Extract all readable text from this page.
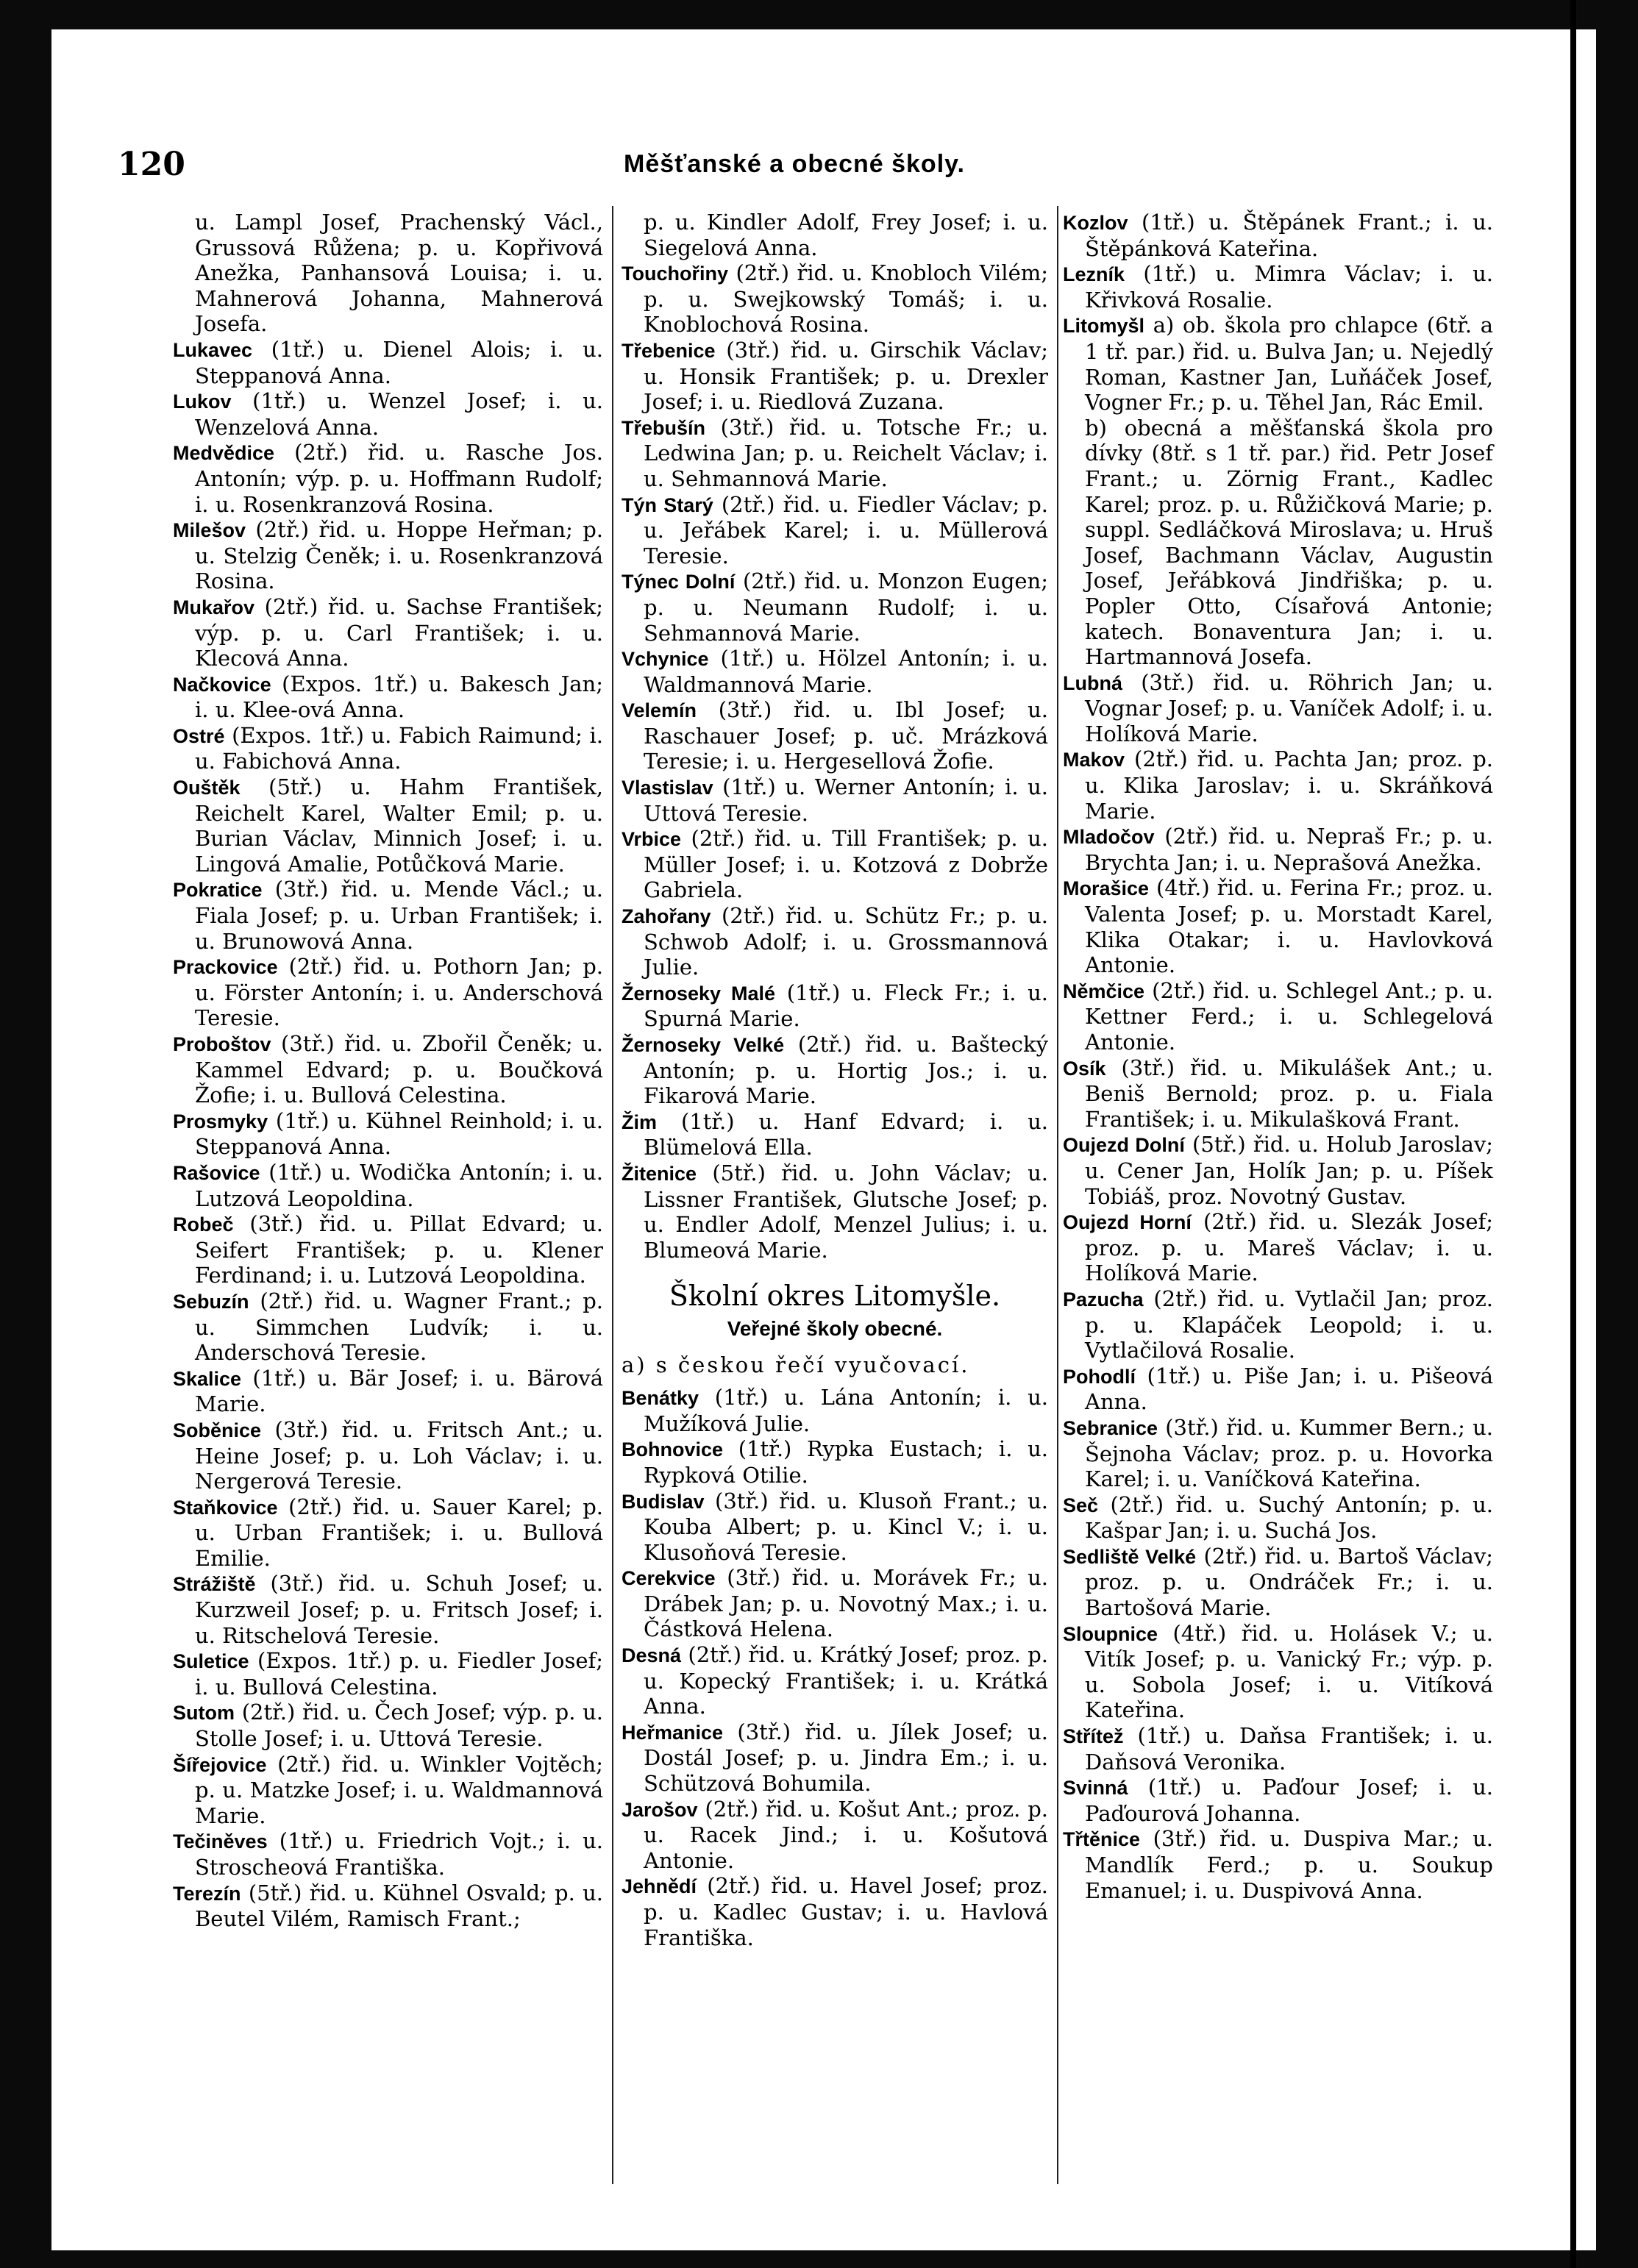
120	Měšťanské a obecné školy.

u. Lampl Josef, Prachenský Václ., Grussová Růžena; p. u. Kopřivová Anežka, Panhansová Louisa; i. u. Mahnerová Johanna, Mahnerová Josefa.

Lukavec (1tř.) u. Dienel Alois; i. u. Steppanová Anna.

Lukov (1tř.) u. Wenzel Josef; i. u. Wenzelová Anna.

Medvědice (2tř.) řid. u. Rasche Jos. Antonín; výp. p. u. Hoffmann Rudolf; i. u. Rosenkranzová Rosina.

Milešov (2tř.) řid. u. Hoppe Heřman; p. u. Stelzig Čeněk; i. u. Rosenkranzová Rosina.

Mukařov (2tř.) řid. u. Sachse František; výp. p. u. Carl František; i. u. Klecová Anna.

Načkovice (Expos. 1tř.) u. Bakesch Jan; i. u. Klee-ová Anna.

Ostré (Expos. 1tř.) u. Fabich Raimund; i. u. Fabichová Anna.

Ouštěk (5tř.) u. Hahm František, Reichelt Karel, Walter Emil; p. u. Burian Václav, Minnich Josef; i. u. Lingová Amalie, Potůčková Marie.

Pokratice (3tř.) řid. u. Mende Václ.; u. Fiala Josef; p. u. Urban František; i. u. Brunowová Anna.

Prackovice (2tř.) řid. u. Pothorn Jan; p. u. Förster Antonín; i. u. Anderschová Teresie.

Proboštov (3tř.) řid. u. Zbořil Čeněk; u. Kammel Edvard; p. u. Boučková Žofie; i. u. Bullová Celestina.

Prosmyky (1tř.) u. Kühnel Reinhold; i. u. Steppanová Anna.

Rašovice (1tř.) u. Wodička Antonín; i. u. Lutzová Leopoldina.

Robeč (3tř.) řid. u. Pillat Edvard; u. Seifert František; p. u. Klener Ferdinand; i. u. Lutzová Leopoldina.

Sebuzín (2tř.) řid. u. Wagner Frant.; p. u. Simmchen Ludvík; i. u. Anderschová Teresie.

Skalice (1tř.) u. Bär Josef; i. u. Bärová Marie.

Soběnice (3tř.) řid. u. Fritsch Ant.; u. Heine Josef; p. u. Loh Václav; i. u. Nergerová Teresie.

Staňkovice (2tř.) řid. u. Sauer Karel; p. u. Urban František; i. u. Bullová Emilie.

Strážiště (3tř.) řid. u. Schuh Josef; u. Kurzweil Josef; p. u. Fritsch Josef; i. u. Ritschelová Teresie.

Suletice (Expos. 1tř.) p. u. Fiedler Josef; i. u. Bullová Celestina.

Sutom (2tř.) řid. u. Čech Josef; výp. p. u. Stolle Josef; i. u. Uttová Teresie.

Šířejovice (2tř.) řid. u. Winkler Vojtěch; p. u. Matzke Josef; i. u. Waldmannová Marie.

Tečiněves (1tř.) u. Friedrich Vojt.; i. u. Stroscheová Františka.

Terezín (5tř.) řid. u. Kühnel Osvald; p. u. Beutel Vilém, Ramisch Frant.;

p. u. Kindler Adolf, Frey Josef; i. u. Siegelová Anna.

Touchořiny (2tř.) řid. u. Knobloch Vilém; p. u. Swejkowský Tomáš; i. u. Knoblochová Rosina.

Třebenice (3tř.) řid. u. Girschik Václav; u. Honsik František; p. u. Drexler Josef; i. u. Riedlová Zuzana.

Třebušín (3tř.) řid. u. Totsche Fr.; u. Ledwina Jan; p. u. Reichelt Václav; i. u. Sehmannová Marie.

Týn Starý (2tř.) řid. u. Fiedler Václav; p. u. Jeřábek Karel; i. u. Müllerová Teresie.

Týnec Dolní (2tř.) řid. u. Monzon Eugen; p. u. Neumann Rudolf; i. u. Sehmannová Marie.

Vchynice (1tř.) u. Hölzel Antonín; i. u. Waldmannová Marie.

Velemín (3tř.) řid. u. Ibl Josef; u. Raschauer Josef; p. uč. Mrázková Teresie; i. u. Hergesellová Žofie.

Vlastislav (1tř.) u. Werner Antonín; i. u. Uttová Teresie.

Vrbice (2tř.) řid. u. Till František; p. u. Müller Josef; i. u. Kotzová z Dobrže Gabriela.

Zahořany (2tř.) řid. u. Schütz Fr.; p. u. Schwob Adolf; i. u. Grossmannová Julie.

Žernoseky Malé (1tř.) u. Fleck Fr.; i. u. Spurná Marie.

Žernoseky Velké (2tř.) řid. u. Baštecký Antonín; p. u. Hortig Jos.; i. u. Fikarová Marie.

Žim (1tř.) u. Hanf Edvard; i. u. Blümelová Ella.

Žitenice (5tř.) řid. u. John Václav; u. Lissner František, Glutsche Josef; p. u. Endler Adolf, Menzel Julius; i. u. Blumeová Marie.

Školní okres Litomyšle.
Veřejné školy obecné.
a) s českou řečí vyučovací.

Benátky (1tř.) u. Lána Antonín; i. u. Mužíková Julie.

Bohnovice (1tř.) Rypka Eustach; i. u. Rypková Otilie.

Budislav (3tř.) řid. u. Klusoň Frant.; u. Kouba Albert; p. u. Kincl V.; i. u. Klusoňová Teresie.

Cerekvice (3tř.) řid. u. Morávek Fr.; u. Drábek Jan; p. u. Novotný Max.; i. u. Částková Helena.

Desná (2tř.) řid. u. Krátký Josef; proz. p. u. Kopecký František; i. u. Krátká Anna.

Heřmanice (3tř.) řid. u. Jílek Josef; u. Dostál Josef; p. u. Jindra Em.; i. u. Schützová Bohumila.

Jarošov (2tř.) řid. u. Košut Ant.; proz. p. u. Racek Jind.; i. u. Košutová Antonie.

Jehnědí (2tř.) řid. u. Havel Josef; proz. p. u. Kadlec Gustav; i. u. Havlová Františka.

Kozlov (1tř.) u. Štěpánek Frant.; i. u. Štěpánková Kateřina.

Lezník (1tř.) u. Mimra Václav; i. u. Křivková Rosalie.

Litomyšl a) ob. škola pro chlapce (6tř. a 1 tř. par.) řid. u. Bulva Jan; u. Nejedlý Roman, Kastner Jan, Luňáček Josef, Vogner Fr.; p. u. Těhel Jan, Rác Emil.

b) obecná a měšťanská škola pro dívky (8tř. s 1 tř. par.) řid. Petr Josef Frant.; u. Zörnig Frant., Kadlec Karel; proz. p. u. Růžičková Marie; p. suppl. Sedláčková Miroslava; u. Hruš Josef, Bachmann Václav, Augustin Josef, Jeřábková Jindřiška; p. u. Popler Otto, Císařová Antonie; katech. Bonaventura Jan; i. u. Hartmannová Josefa.

Lubná (3tř.) řid. u. Röhrich Jan; u. Vognar Josef; p. u. Vaníček Adolf; i. u. Holíková Marie.

Makov (2tř.) řid. u. Pachta Jan; proz. p. u. Klika Jaroslav; i. u. Skráňková Marie.

Mladočov (2tř.) řid. u. Nepraš Fr.; p. u. Brychta Jan; i. u. Neprašová Anežka.

Morašice (4tř.) řid. u. Ferina Fr.; proz. u. Valenta Josef; p. u. Morstadt Karel, Klika Otakar; i. u. Havlovková Antonie.

Němčice (2tř.) řid. u. Schlegel Ant.; p. u. Kettner Ferd.; i. u. Schlegelová Antonie.

Osík (3tř.) řid. u. Mikulášek Ant.; u. Beniš Bernold; proz. p. u. Fiala František; i. u. Mikulašková Frant.

Oujezd Dolní (5tř.) řid. u. Holub Jaroslav; u. Cener Jan, Holík Jan; p. u. Píšek Tobiáš, proz. Novotný Gustav.

Oujezd Horní (2tř.) řid. u. Slezák Josef; proz. p. u. Mareš Václav; i. u. Holíková Marie.

Pazucha (2tř.) řid. u. Vytlačil Jan; proz. p. u. Klapáček Leopold; i. u. Vytlačilová Rosalie.

Pohodlí (1tř.) u. Piše Jan; i. u. Pišeová Anna.

Sebranice (3tř.) řid. u. Kummer Bern.; u. Šejnoha Václav; proz. p. u. Hovorka Karel; i. u. Vaníčková Kateřina.

Seč (2tř.) řid. u. Suchý Antonín; p. u. Kašpar Jan; i. u. Suchá Jos.

Sedliště Velké (2tř.) řid. u. Bartoš Václav; proz. p. u. Ondráček Fr.; i. u. Bartošová Marie.

Sloupnice (4tř.) řid. u. Holásek V.; u. Vitík Josef; p. u. Vanický Fr.; výp. p. u. Sobola Josef; i. u. Vitíková Kateřina.

Střítež (1tř.) u. Daňsa František; i. u. Daňsová Veronika.

Svinná (1tř.) u. Paďour Josef; i. u. Paďourová Johanna.

Třtěnice (3tř.) řid. u. Duspiva Mar.; u. Mandlík Ferd.; p. u. Soukup Emanuel; i. u. Duspivová Anna.
